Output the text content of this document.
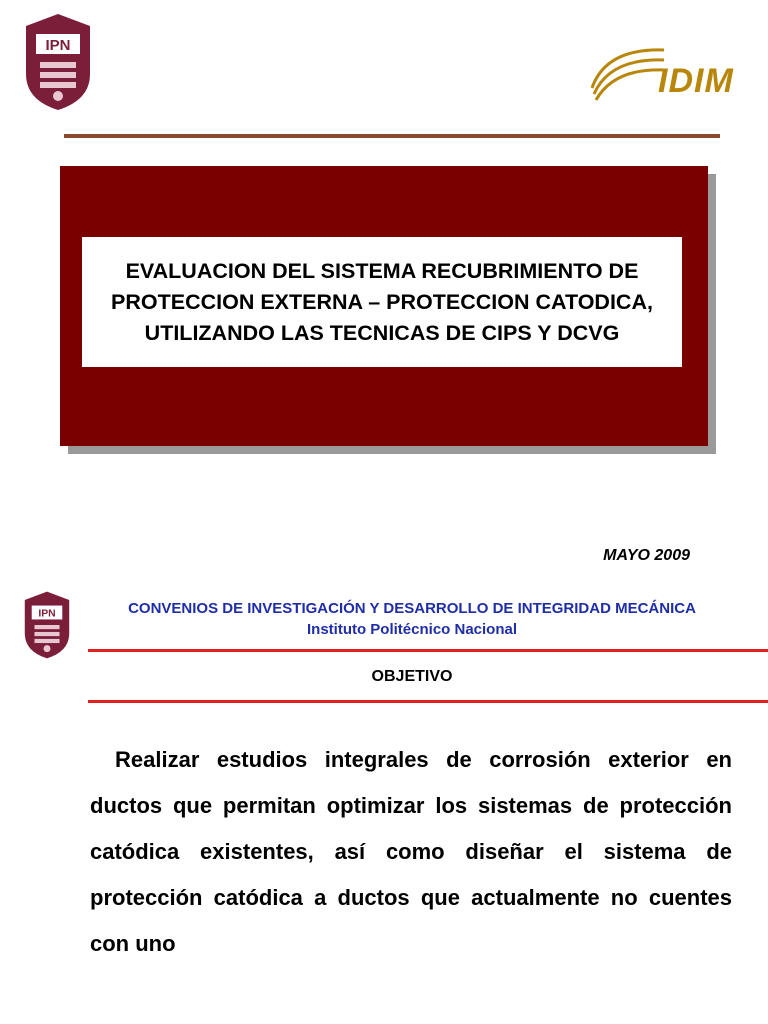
IPN
IDIM

EVALUACION DEL SISTEMA RECUBRIMIENTO DE PROTECCION EXTERNA – PROTECCION CATODICA, UTILIZANDO LAS TECNICAS DE CIPS Y DCVG

MAYO 2009
IPN	CONVENIOS DE INVESTIGACIÓN Y DESARROLLO DE INTEGRIDAD MECÁNICA
Instituto Politécnico Nacional
OBJETIVO

Realizar estudios integrales de corrosión exterior en ductos que permitan optimizar los sistemas de protección catódica existentes, así como diseñar el sistema de protección catódica a ductos que actualmente no cuentes con uno
